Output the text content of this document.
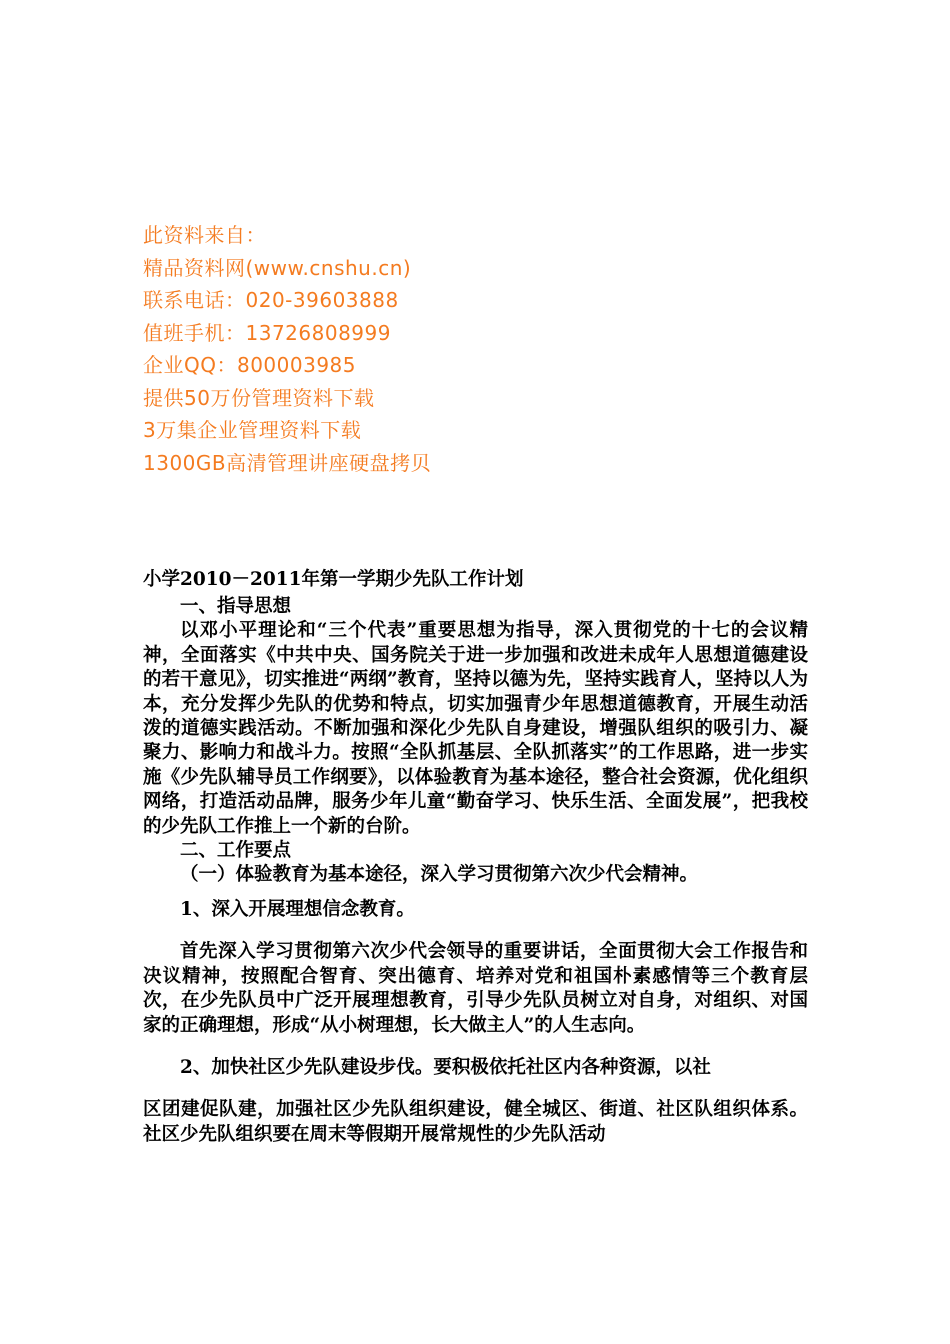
此资料来自：
精品资料网(www.cnshu.cn)
联系电话：020-39603888
值班手机：13726808999
企业QQ：800003985
提供50万份管理资料下载
3万集企业管理资料下载
1300GB高清管理讲座硬盘拷贝
小学2010－2011年第一学期少先队工作计划

一、指导思想

以邓小平理论和“三个代表”重要思想为指导，深入贯彻党的十七的会议精神，全面落实《中共中央、国务院关于进一步加强和改进未成年人思想道德建设的若干意见》，切实推进“两纲”教育，坚持以德为先，坚持实践育人，坚持以人为本，充分发挥少先队的优势和特点，切实加强青少年思想道德教育，开展生动活泼的道德实践活动。不断加强和深化少先队自身建设，增强队组织的吸引力、凝聚力、影响力和战斗力。按照“全队抓基层、全队抓落实”的工作思路，进一步实施《少先队辅导员工作纲要》，以体验教育为基本途径，整合社会资源，优化组织网络，打造活动品牌，服务少年儿童“勤奋学习、快乐生活、全面发展”，把我校的少先队工作推上一个新的台阶。

二、工作要点

（一）体验教育为基本途径，深入学习贯彻第六次少代会精神。

1、深入开展理想信念教育。

首先深入学习贯彻第六次少代会领导的重要讲话，全面贯彻大会工作报告和决议精神，按照配合智育、突出德育、培养对党和祖国朴素感情等三个教育层次，在少先队员中广泛开展理想教育，引导少先队员树立对自身，对组织、对国家的正确理想，形成“从小树理想，长大做主人”的人生志向。

2、加快社区少先队建设步伐。要积极依托社区内各种资源，以社

区团建促队建，加强社区少先队组织建设，健全城区、街道、社区队组织体系。社区少先队组织要在周末等假期开展常规性的少先队活动
